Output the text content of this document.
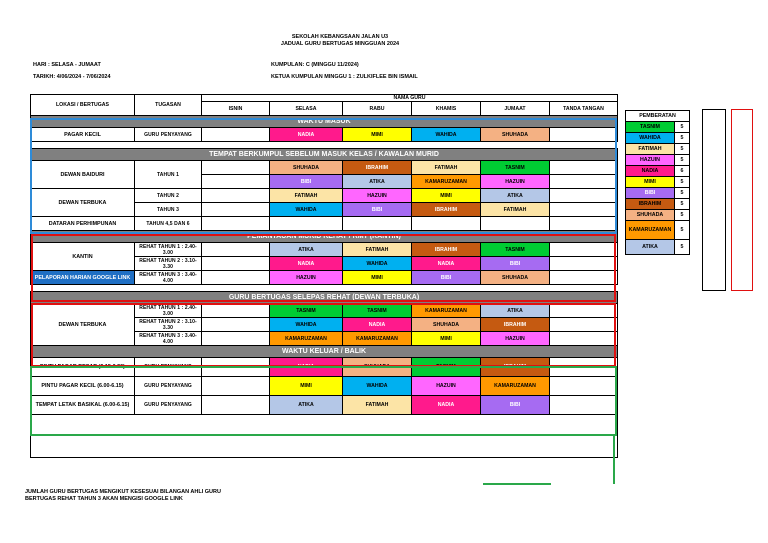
SEKOLAH KEBANGSAAN JALAN U3
JADUAL GURU BERTUGAS MINGGUAN 2024
HARI : SELASA - JUMAAT	KUMPULAN: C (MINGGU 11/2024)
TARIKH: 4/06/2024 - 7/06/2024	KETUA KUMPULAN MINGGU 1 : ZULKIFLEE BIN ISMAIL
LOKASI / BERTUGAS	TUGASAN	NAMA GURU					
		ISNIN	SELASA	RABU	KHAMIS	JUMAAT	TANDA TANGAN
WAKTU MASUK							
PAGAR KECIL	GURU PENYAYANG		NADIA	MIMI	WAHIDA	SHUHADA	

TEMPAT BERKUMPUL SEBELUM MASUK KELAS / KAWALAN MURID							
DEWAN BAIDURI	TAHUN 1		SHUHADA	IBRAHIM	FATIMAH	TASNIM	
			BIBI	ATIKA	KAMARUZAMAN	HAZUIN	
DEWAN TERBUKA	TAHUN 2		FATIMAH	HAZUIN	MIMI	ATIKA	
	TAHUN 3		WAHIDA	BIBI	IBRAHIM	FATIMAH	
DATARAN PERHIMPUNAN	TAHUN 4,5 DAN 6						
PEMANTAUAN MURID REHAT / RMT (KANTIN)							
KANTIN	REHAT TAHUN 1 : 2.40-3.00		ATIKA	FATIMAH	IBRAHIM	TASNIM	
	REHAT TAHUN 2 : 3.10-3.30		NADIA	WAHIDA	NADIA	BIBI	
PELAPORAN HARIAN GOOGLE LINK	REHAT TAHUN 3 : 3.40-4.00		HAZUIN	MIMI	BIBI	SHUHADA	

GURU BERTUGAS SELEPAS REHAT (DEWAN TERBUKA)							
DEWAN TERBUKA	REHAT TAHUN 1 : 2.40-3.00		TASNIM	TASNIM	KAMARUZAMAN	ATIKA	
	REHAT TAHUN 2 : 3.10-3.30		WAHIDA	NADIA	SHUHADA	IBRAHIM	
	REHAT TAHUN 3 : 3.40-4.00		KAMARUZAMAN	KAMARUZAMAN	MIMI	HAZUIN	
WAKTU KELUAR / BALIK							
PINTU PAGAR BESAR (6.15-6.30)	GURU PENYAYANG		NADIA	SHUHADA	TASNIM	IBRAHIM	
PINTU PAGAR KECIL (6.00-6.15)	GURU PENYAYANG		MIMI	WAHIDA	HAZUIN	KAMARUZAMAN	
TEMPAT LETAK BASIKAL (6.00-6.15)	GURU PENYAYANG		ATIKA	FATIMAH	NADIA	BIBI	

PEMBERATAN	
TASNIM	5
WAHIDA	5
FATIMAH	5
HAZUIN	5
NADIA	6
MIMI	5
BIBI	5
IBRAHIM	5
SHUHADA	5
KAMARUZAMAN	5
ATIKA	5
JUMLAH GURU BERTUGAS MENGIKUT KESESUAI BILANGAN AHLI GURU
BERTUGAS REHAT TAHUN 3 AKAN MENGISI GOOGLE LINK
